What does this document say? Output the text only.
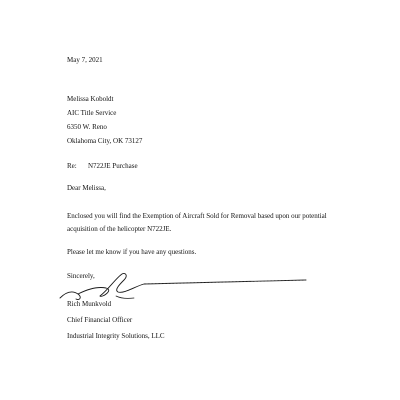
May 7, 2021
Melissa Koboldt
AIC Title Service
6350 W. Reno
Oklahoma City, OK 73127
Re: N722JE Purchase
Dear Melissa,
Enclosed you will find the Exemption of Aircraft Sold for Removal based upon our potential
acquisition of the helicopter N722JE.
Please let me know if you have any questions.
Sincerely,
Rich Munkvold
Chief Financial Officer
Industrial Integrity Solutions, LLC
